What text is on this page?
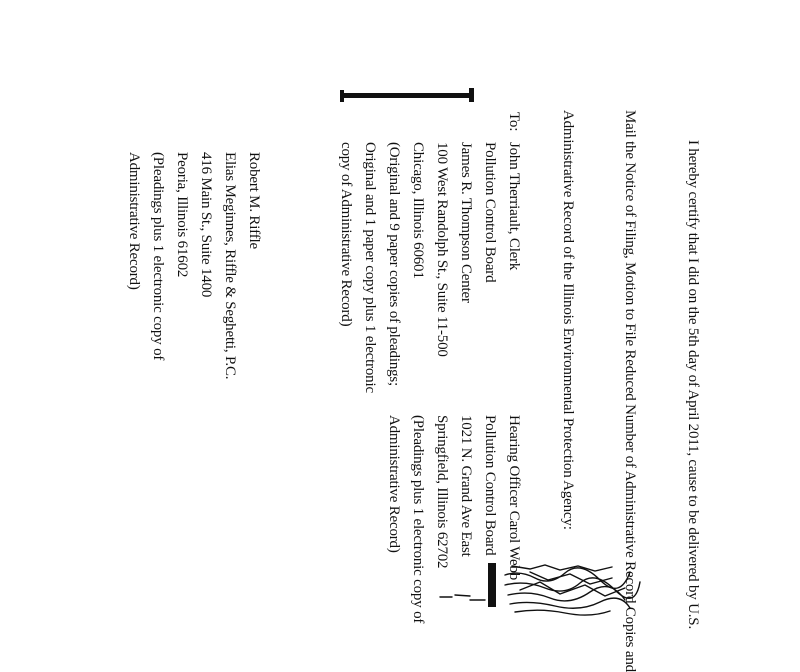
I hereby certify that I did on the 5th day of April 2011, cause to be delivered by U.S.
Mail the Notice of Filing, Motion to File Reduced Number of Administrative Record Copies and
Administrative Record of the Illinois Environmental Protection Agency:
Hearing Officer Carol Webb
Pollution Control Board
1021 N. Grand Ave East
Springfield, Illinois 62702
(Pleadings plus 1 electronic copy of
Administrative Record)
To:
John Therriault, Clerk
Pollution Control Board
James R. Thompson Center
100 West Randolph St., Suite 11-500
Chicago, Illinois 60601
(Original and 9 paper copies of pleadings;
Original and 1 paper copy plus 1 electronic
copy of Administrative Record)
Robert M. Riffle
Elias Meginnes, Riffle & Seghetti, P.C.
416 Main St., Suite 1400
Peoria, Illinois 61602
(Pleadings plus 1 electronic copy of
Administrative Record)
